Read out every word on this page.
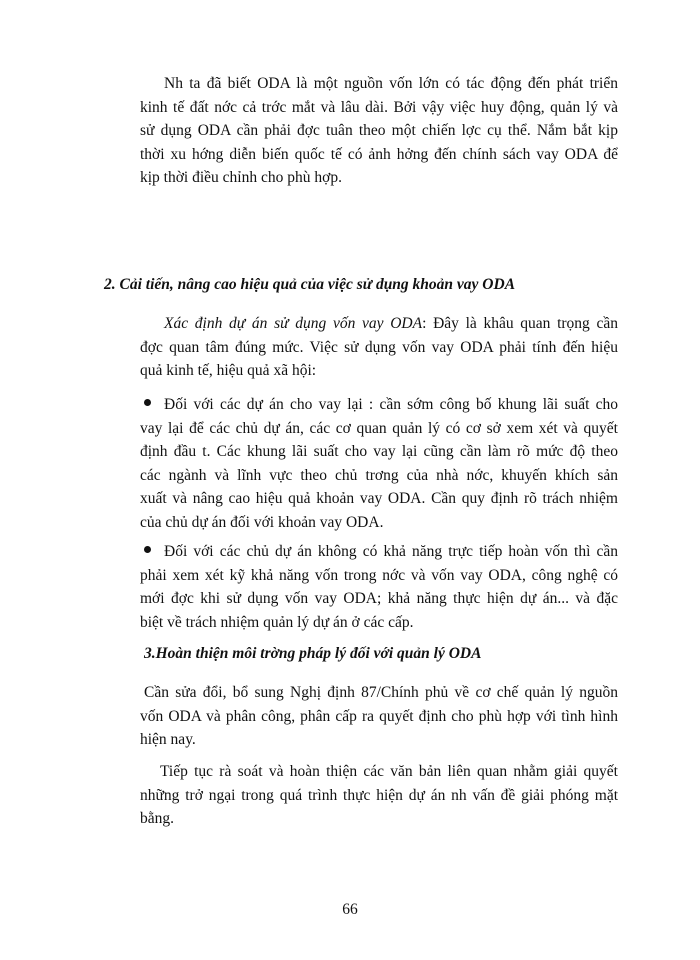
Nh ta đã biết ODA là một nguồn vốn lớn có tác động đến phát triển
kinh tế đất nớc cả trớc mắt và lâu dài. Bởi vậy việc huy động, quản lý và
sử dụng ODA cần phải đợc tuân theo một chiến lợc cụ thể. Nắm bắt kịp
thời xu hớng diễn biến quốc tế có ảnh hởng đến chính sách vay ODA để
kịp thời điều chỉnh cho phù hợp.

2. Cải tiến, nâng cao hiệu quả của việc sử dụng khoản vay ODA

Xác định dự án sử dụng vốn vay ODA: Đây là khâu quan trọng cần
đợc quan tâm đúng mức. Việc sử dụng vốn vay ODA phải tính đến hiệu
quả kinh tế, hiệu quả xã hội:

Đối với các dự án cho vay lại : cần sớm công bố khung lãi suất cho
vay lại để các chủ dự án, các cơ quan quản lý có cơ sở xem xét và quyết
định đầu t. Các khung lãi suất cho vay lại cũng cần làm rõ mức độ theo
các ngành và lĩnh vực theo chủ trơng của nhà nớc, khuyến khích sản
xuất và nâng cao hiệu quả khoản vay ODA. Cần quy định rõ trách nhiệm
của chủ dự án đối với khoản vay ODA.

Đối với các chủ dự án không có khả năng trực tiếp hoàn vốn thì cần
phải xem xét kỹ khả năng vốn trong nớc và vốn vay ODA, công nghệ có
mới đợc khi sử dụng vốn vay ODA; khả năng thực hiện dự án... và đặc
biệt về trách nhiệm quản lý dự án ở các cấp.

3.Hoàn thiện môi trờng pháp lý đối với quản lý ODA

Cần sửa đổi, bổ sung Nghị định 87/Chính phủ về cơ chế quản lý nguồn
vốn ODA và phân công, phân cấp ra quyết định cho phù hợp với tình hình
hiện nay.

Tiếp tục rà soát và hoàn thiện các văn bản liên quan nhằm giải quyết
những trở ngại trong quá trình thực hiện dự án nh vấn đề giải phóng mặt
bằng.

66
